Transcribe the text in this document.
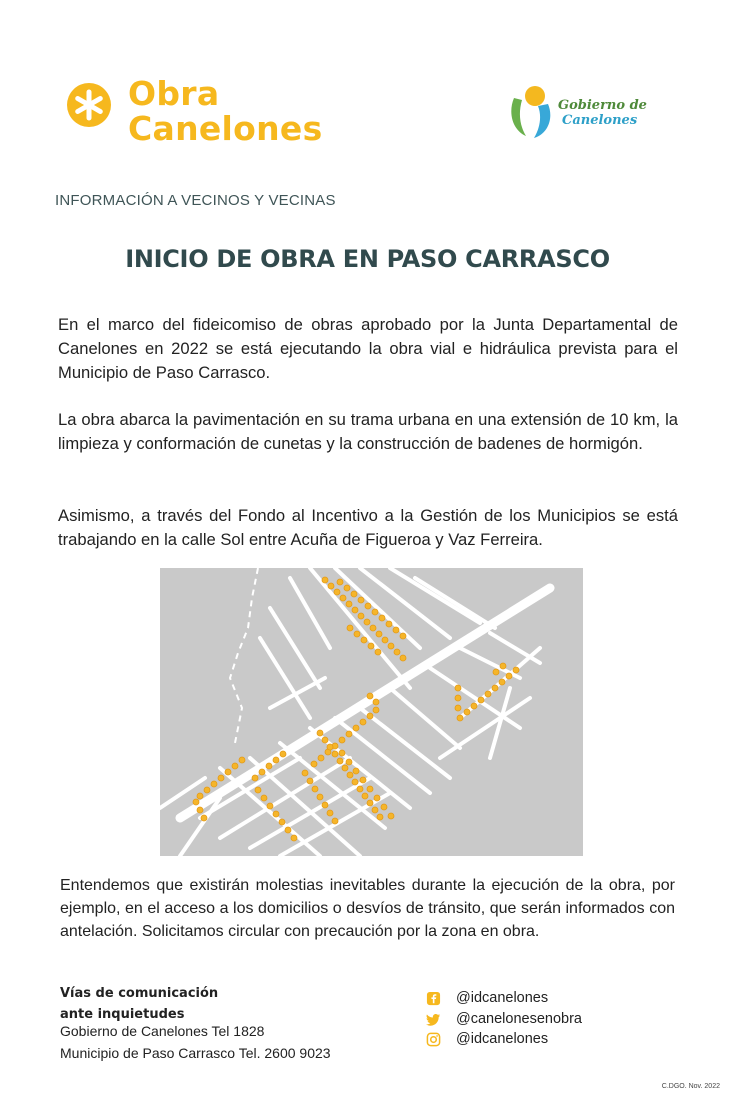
Obra
Canelones
Gobierno de
Canelones
INFORMACIÓN A VECINOS Y VECINAS
INICIO DE OBRA EN PASO CARRASCO
En el marco del fideicomiso de obras aprobado por la Junta Departamental de Canelones en 2022 se está ejecutando la obra vial e hidráulica prevista para el Municipio de Paso Carrasco.
La obra abarca la pavimentación en su trama urbana en una extensión de 10 km, la limpieza y conformación de cunetas y la construcción de badenes de hormigón.
Asimismo, a través del Fondo al Incentivo a la Gestión de los Municipios se está trabajando en la calle Sol entre Acuña de Figueroa y Vaz Ferreira.
Entendemos que existirán molestias inevitables durante la ejecución de la obra, por ejemplo, en el acceso a los domicilios o desvíos de tránsito, que serán informados con antelación. Solicitamos circular con precaución por la zona en obra.
Vías de comunicación
ante inquietudes
Gobierno de Canelones Tel 1828
Municipio de Paso Carrasco Tel. 2600 9023
@idcanelones
@canelonesenobra
@idcanelones
C.DGO. Nov. 2022
